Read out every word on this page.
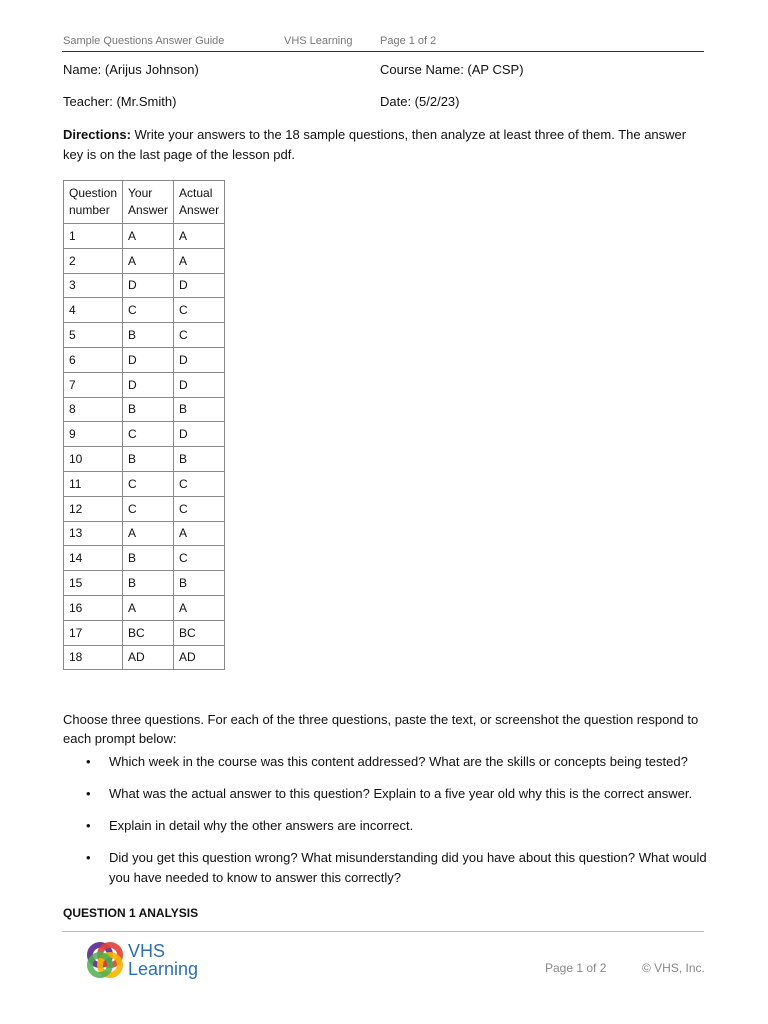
Sample Questions Answer Guide	VHS Learning	Page 1 of 2
Name: (Arijus Johnson)	Course Name: (AP CSP)
Teacher: (Mr.Smith)	Date: (5/2/23)
Directions: Write your answers to the 18 sample questions, then analyze at least three of them. The answer key is on the last page of the lesson pdf.
Question number	Your Answer	Actual Answer
1	A	A
2	A	A
3	D	D
4	C	C
5	B	C
6	D	D
7	D	D
8	B	B
9	C	D
10	B	B
11	C	C
12	C	C
13	A	A
14	B	C
15	B	B
16	A	A
17	BC	BC
18	AD	AD
Choose three questions. For each of the three questions, paste the text, or screenshot the question respond to each prompt below:
• Which week in the course was this content addressed? What are the skills or concepts being tested?
• What was the actual answer to this question? Explain to a five year old why this is the correct answer.
• Explain in detail why the other answers are incorrect.
• Did you get this question wrong? What misunderstanding did you have about this question? What would you have needed to know to answer this correctly?
QUESTION 1 ANALYSIS
VHS
Learning	Page 1 of 2	© VHS, Inc.
